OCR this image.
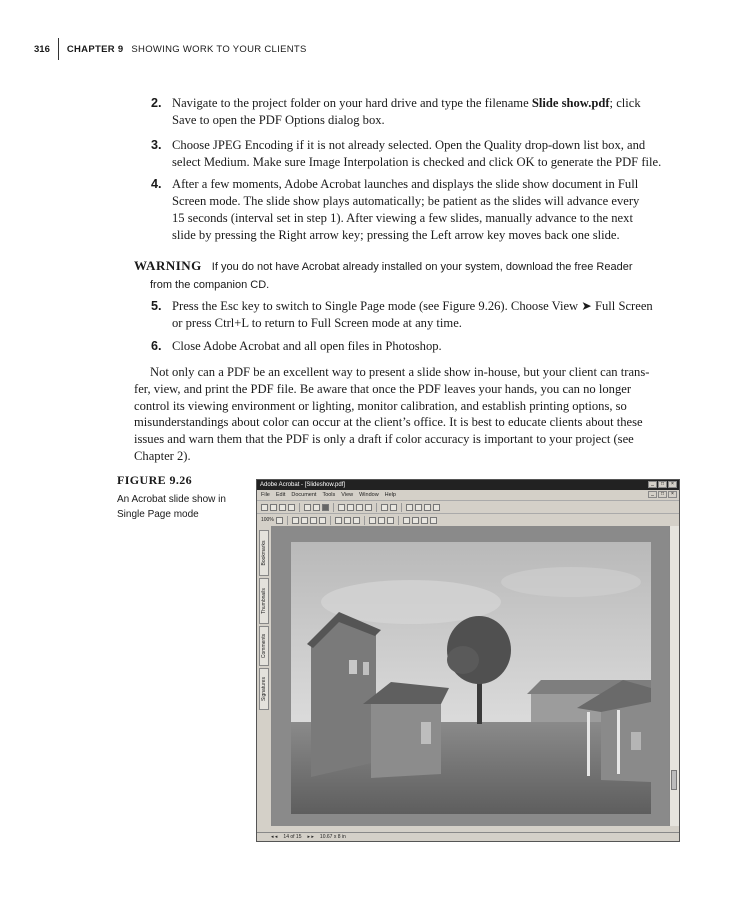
316 CHAPTER 9 SHOWING WORK TO YOUR CLIENTS
2. Navigate to the project folder on your hard drive and type the filename Slide show.pdf; click
Save to open the PDF Options dialog box.
3. Choose JPEG Encoding if it is not already selected. Open the Quality drop-down list box, and
select Medium. Make sure Image Interpolation is checked and click OK to generate the PDF file.
4. After a few moments, Adobe Acrobat launches and displays the slide show document in Full
Screen mode. The slide show plays automatically; be patient as the slides will advance every
15 seconds (interval set in step 1). After viewing a few slides, manually advance to the next
slide by pressing the Right arrow key; pressing the Left arrow key moves back one slide.
WARNING If you do not have Acrobat already installed on your system, download the free Reader
from the companion CD.
5. Press the Esc key to switch to Single Page mode (see Figure 9.26). Choose View ➤ Full Screen
or press Ctrl+L to return to Full Screen mode at any time.
6. Close Adobe Acrobat and all open files in Photoshop.
Not only can a PDF be an excellent way to present a slide show in-house, but your client can trans-
fer, view, and print the PDF file. Be aware that once the PDF leaves your hands, you can no longer
control its viewing environment or lighting, monitor calibration, and establish printing options, so
misunderstandings about color can occur at the client’s office. It is best to educate clients about these
issues and warn them that the PDF is only a draft if color accuracy is important to your project (see
Chapter 2).
FIGURE 9.26
An Acrobat slide show in
Single Page mode
Adobe Acrobat - [Slideshow.pdf]	_	□	×
File Edit Document Tools View Window Help	_	□	×
100%
Bookmarks
Thumbnails
Comments
Signatures
◂ ◂ 14 of 15 ▸ ▸ 10.67 x 8 in
